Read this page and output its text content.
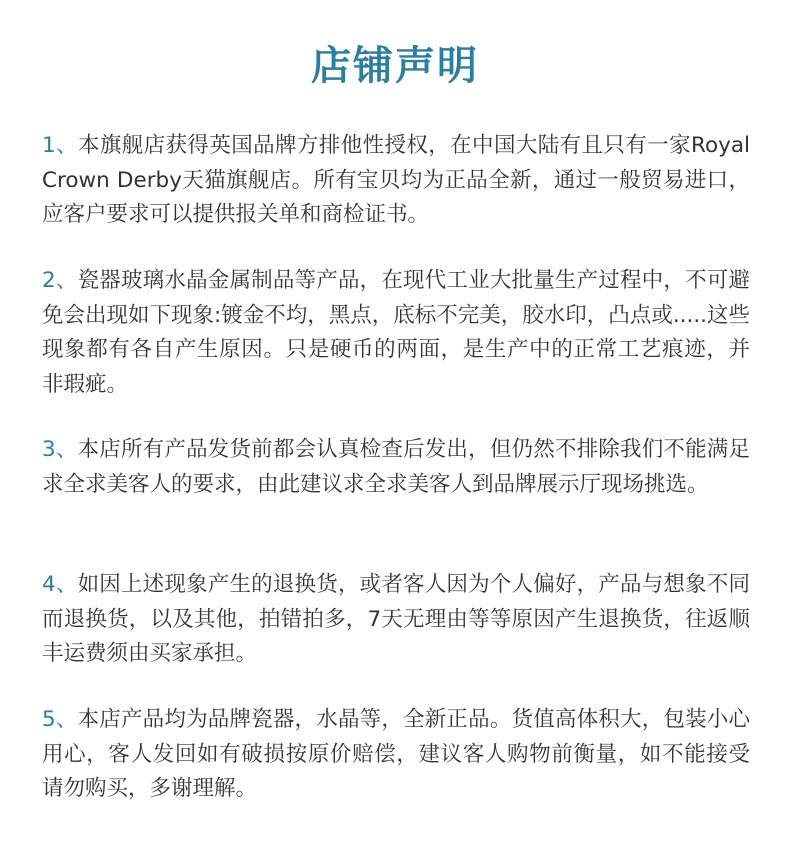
店铺声明

1、本旗舰店获得英国品牌方排他性授权，在中国大陆有且只有一家Royal Crown Derby天猫旗舰店。所有宝贝均为正品全新，通过一般贸易进口，应客户要求可以提供报关单和商检证书。

2、瓷器玻璃水晶金属制品等产品，在现代工业大批量生产过程中，不可避免会出现如下现象:镀金不均，黑点，底标不完美，胶水印，凸点或.....这些现象都有各自产生原因。只是硬币的两面，是生产中的正常工艺痕迹，并非瑕疵。

3、本店所有产品发货前都会认真检查后发出，但仍然不排除我们不能满足求全求美客人的要求，由此建议求全求美客人到品牌展示厅现场挑选。

4、如因上述现象产生的退换货，或者客人因为个人偏好，产品与想象不同而退换货，以及其他，拍错拍多，7天无理由等等原因产生退换货，往返顺丰运费须由买家承担。

5、本店产品均为品牌瓷器，水晶等，全新正品。货值高体积大，包装小心用心，客人发回如有破损按原价赔偿，建议客人购物前衡量，如不能接受请勿购买，多谢理解。
